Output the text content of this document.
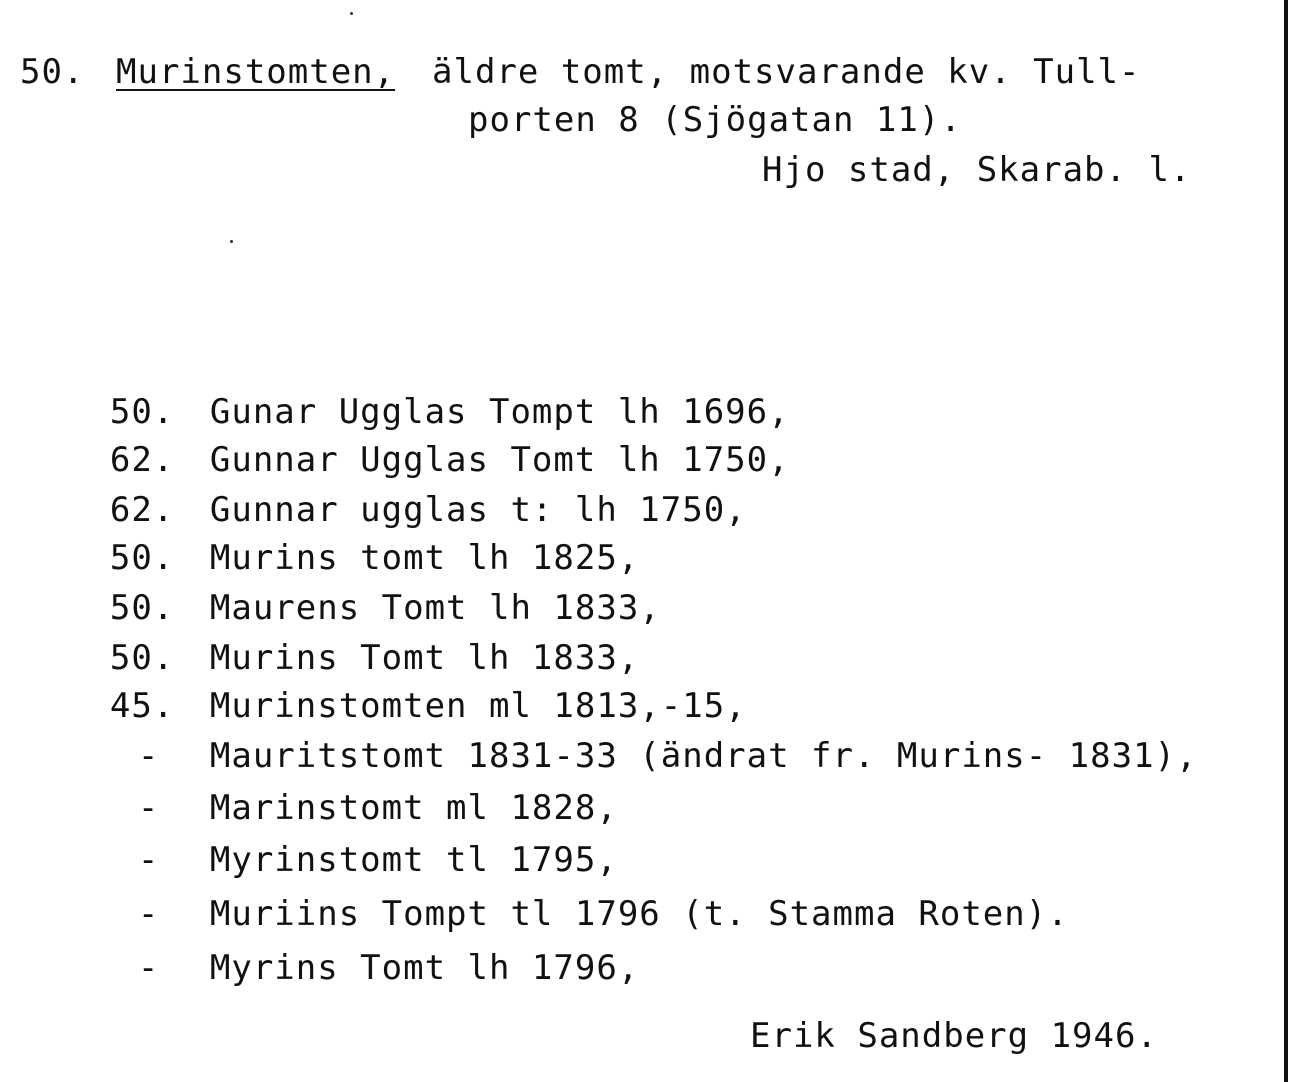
50. Murinstomten, äldre tomt, motsvarande kv. Tull-
porten 8 (Sjögatan 11).
Hjo stad, Skarab. l.

50. Gunar Ugglas Tompt lh 1696,

62. Gunnar Ugglas Tomt lh 1750,

62. Gunnar ugglas t: lh 1750,

50. Murins tomt lh 1825,

50. Maurens Tomt lh 1833,

50. Murins Tomt lh 1833,

45. Murinstomten ml 1813,-15,

- Mauritstomt 1831-33 (ändrat fr. Murins- 1831),

- Marinstomt ml 1828,

- Myrinstomt tl 1795,

- Muriins Tompt tl 1796 (t. Stamma Roten).

- Myrins Tomt lh 1796,

Erik Sandberg 1946.
